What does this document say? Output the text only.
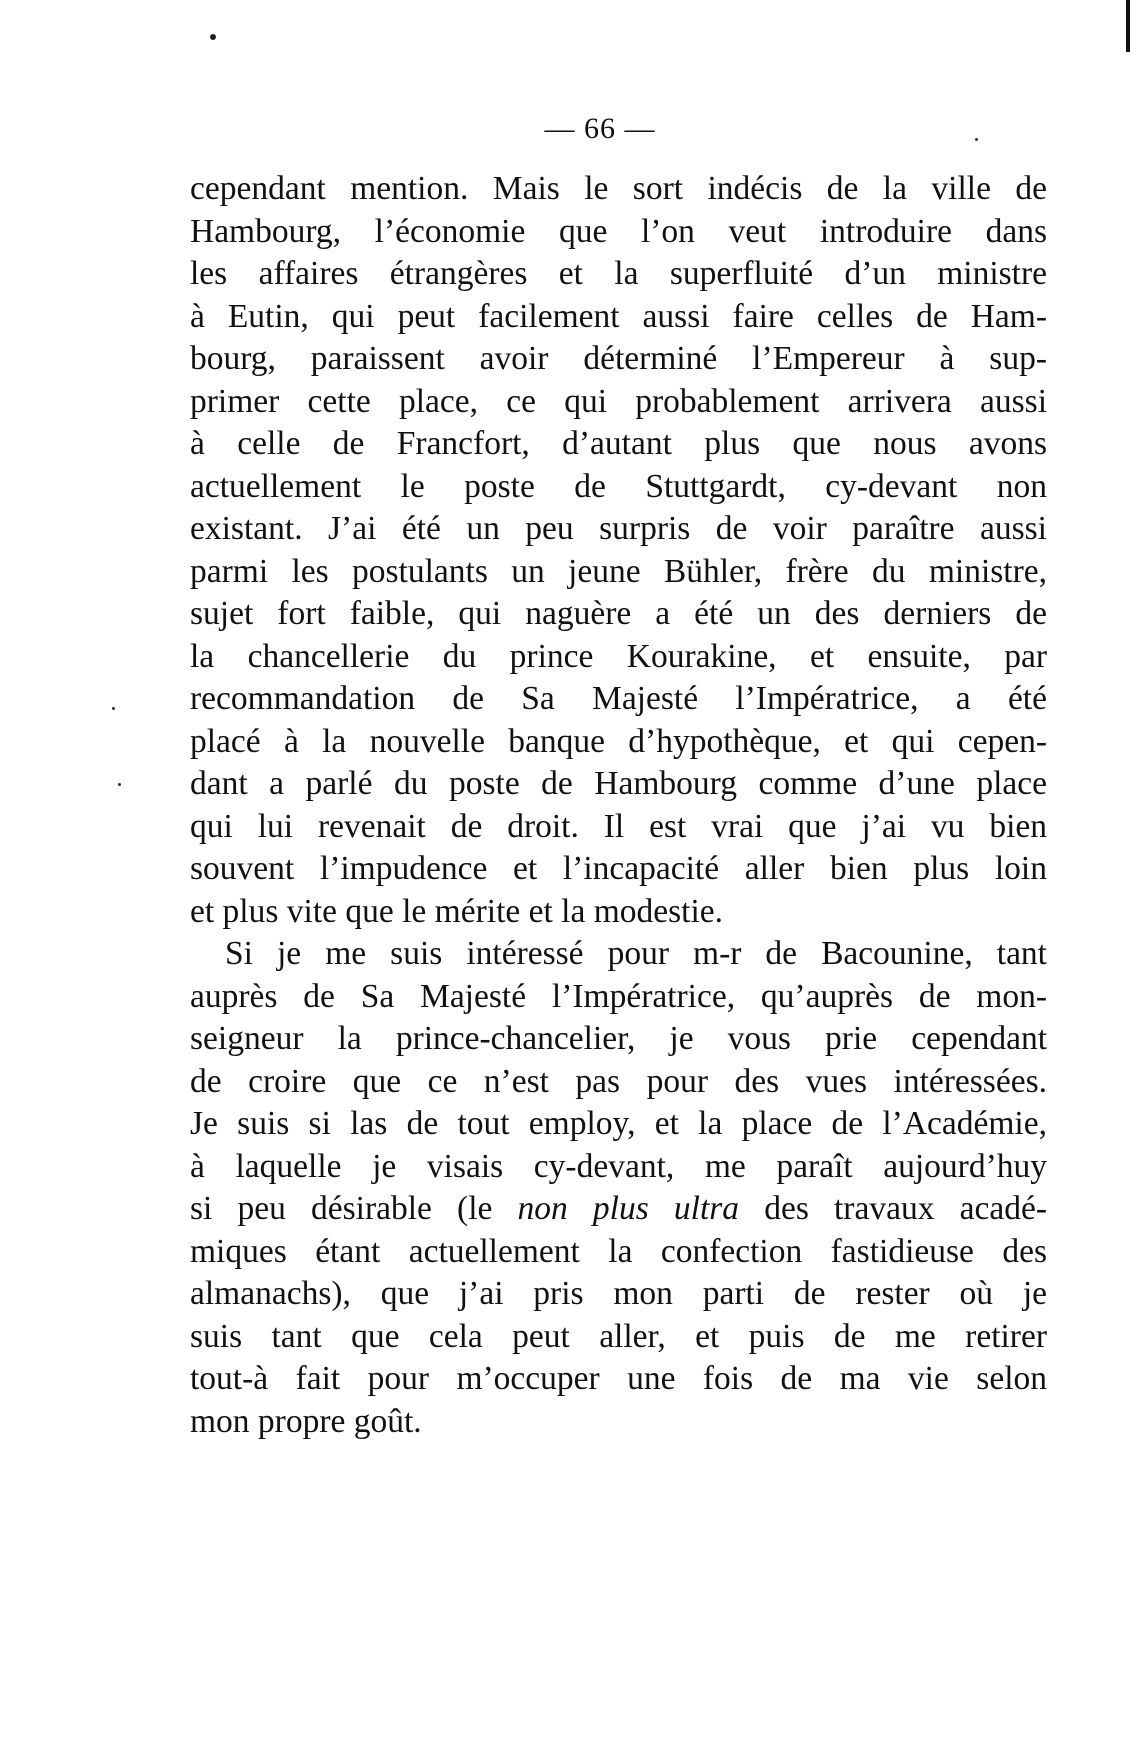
— 66 —
cependant mention. Mais le sort indécis de la ville de
Hambourg, l’économie que l’on veut introduire dans
les affaires étrangères et la superfluité d’un ministre
à Eutin, qui peut facilement aussi faire celles de Ham-
bourg, paraissent avoir déterminé l’Empereur à sup-
primer cette place, ce qui probablement arrivera aussi
à celle de Francfort, d’autant plus que nous avons
actuellement le poste de Stuttgardt, cy-devant non
existant. J’ai été un peu surpris de voir paraître aussi
parmi les postulants un jeune Bühler, frère du ministre,
sujet fort faible, qui naguère a été un des derniers de
la chancellerie du prince Kourakine, et ensuite, par
recommandation de Sa Majesté l’Impératrice, a été
placé à la nouvelle banque d’hypothèque, et qui cepen-
dant a parlé du poste de Hambourg comme d’une place
qui lui revenait de droit. Il est vrai que j’ai vu bien
souvent l’impudence et l’incapacité aller bien plus loin
et plus vite que le mérite et la modestie.
Si je me suis intéressé pour m-r de Bacounine, tant
auprès de Sa Majesté l’Impératrice, qu’auprès de mon-
seigneur la prince-chancelier, je vous prie cependant
de croire que ce n’est pas pour des vues intéressées.
Je suis si las de tout employ, et la place de l’Académie,
à laquelle je visais cy-devant, me paraît aujourd’huy
si peu désirable (le non plus ultra des travaux acadé-
miques étant actuellement la confection fastidieuse des
almanachs), que j’ai pris mon parti de rester où je
suis tant que cela peut aller, et puis de me retirer
tout-à fait pour m’occuper une fois de ma vie selon
mon propre goût.
